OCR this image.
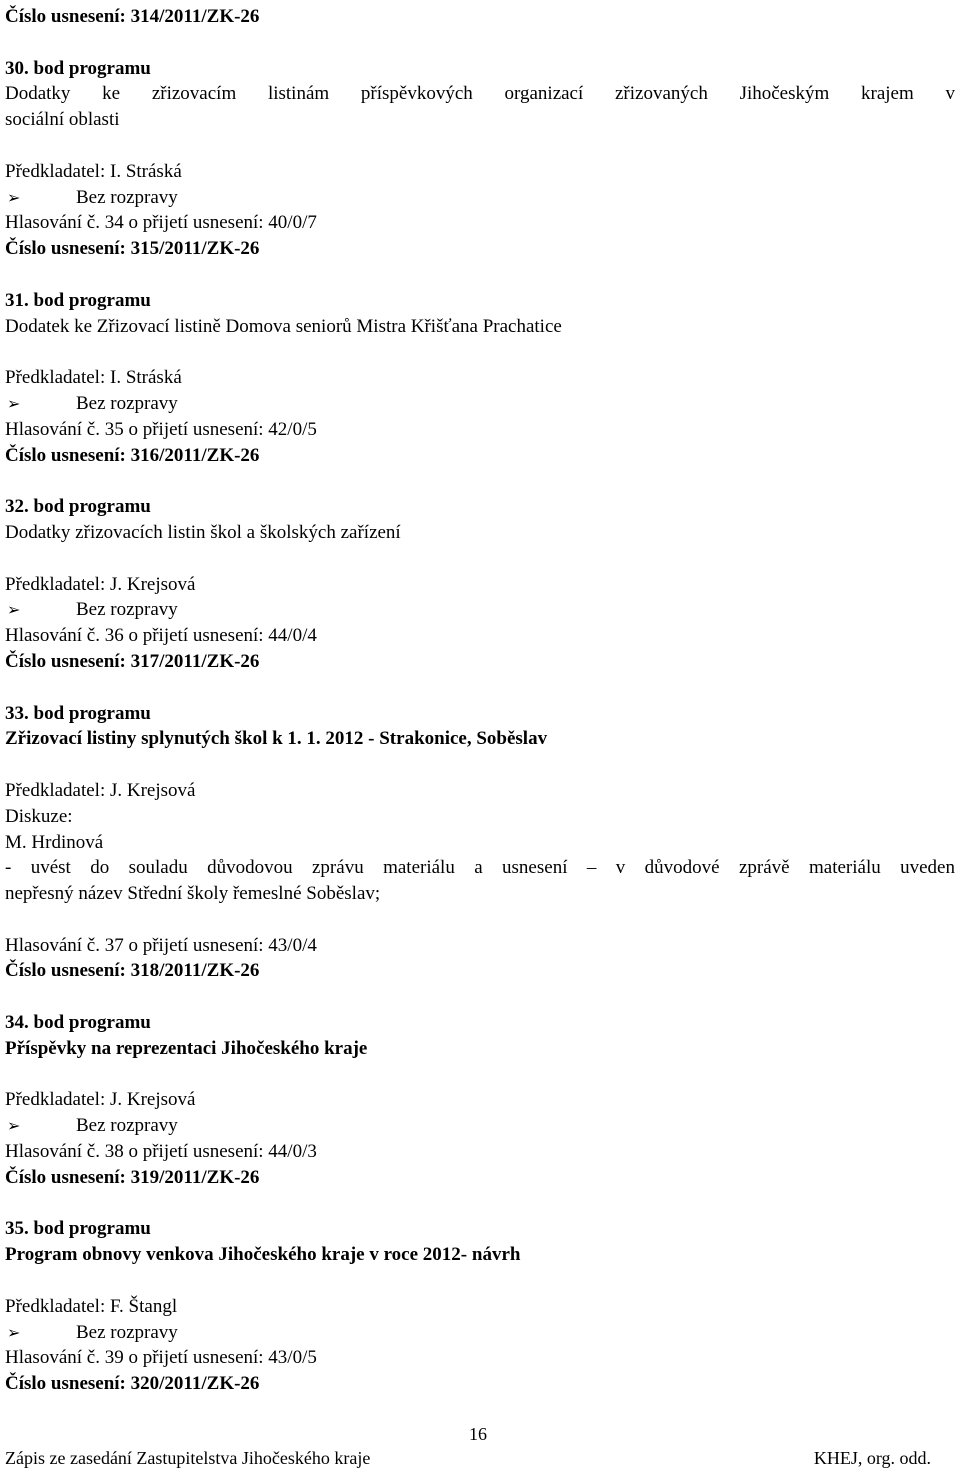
Číslo usnesení: 314/2011/ZK-26
30. bod programu
Dodatky ke zřizovacím listinám příspěvkových organizací zřizovaných Jihočeským krajem v
sociální oblasti
Předkladatel: I. Stráská
➢	Bez rozpravy
Hlasování č. 34 o přijetí usnesení: 40/0/7
Číslo usnesení: 315/2011/ZK-26
31. bod programu
Dodatek ke Zřizovací listině Domova seniorů Mistra Křišťana Prachatice
Předkladatel: I. Stráská
➢	Bez rozpravy
Hlasování č. 35 o přijetí usnesení: 42/0/5
Číslo usnesení: 316/2011/ZK-26
32. bod programu
Dodatky zřizovacích listin škol a školských zařízení
Předkladatel: J. Krejsová
➢	Bez rozpravy
Hlasování č. 36 o přijetí usnesení: 44/0/4
Číslo usnesení: 317/2011/ZK-26
33. bod programu
Zřizovací listiny splynutých škol k 1. 1. 2012 - Strakonice, Soběslav
Předkladatel: J. Krejsová
Diskuze:
M. Hrdinová
- uvést do souladu důvodovou zprávu materiálu a usnesení – v důvodové zprávě materiálu uveden
nepřesný název Střední školy řemeslné Soběslav;
Hlasování č. 37 o přijetí usnesení: 43/0/4
Číslo usnesení: 318/2011/ZK-26
34. bod programu
Příspěvky na reprezentaci Jihočeského kraje
Předkladatel: J. Krejsová
➢	Bez rozpravy
Hlasování č. 38 o přijetí usnesení: 44/0/3
Číslo usnesení: 319/2011/ZK-26
35. bod programu
Program obnovy venkova Jihočeského kraje v roce 2012- návrh
Předkladatel: F. Štangl
➢	Bez rozpravy
Hlasování č. 39 o přijetí usnesení: 43/0/5
Číslo usnesení: 320/2011/ZK-26
16
Zápis ze zasedání Zastupitelstva Jihočeského kraje	KHEJ, org. odd.
